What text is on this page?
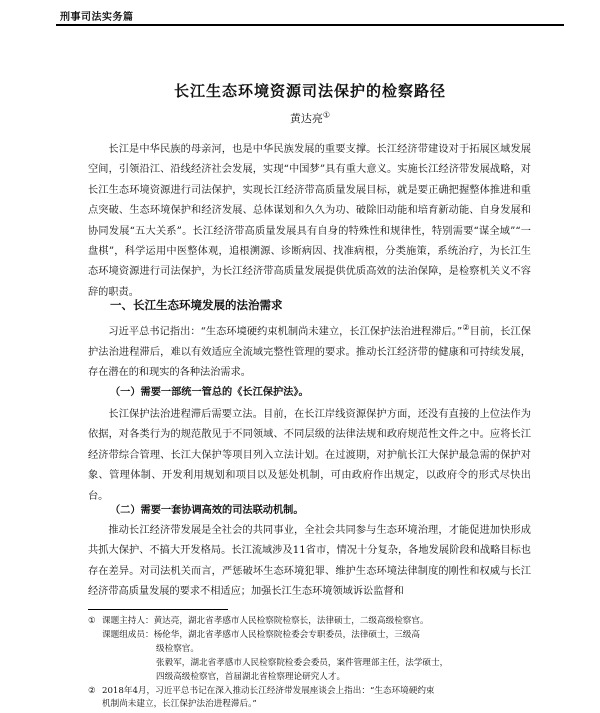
刑事司法实务篇
长江生态环境资源司法保护的检察路径
黄达亮①

长江是中华民族的母亲河，也是中华民族发展的重要支撑。长江经济带建设对于拓展区域发展空间，引领沿江、沿线经济社会发展，实现“中国梦”具有重大意义。实施长江经济带发展战略，对长江生态环境资源进行司法保护，实现长江经济带高质量发展目标，就是要正确把握整体推进和重点突破、生态环境保护和经济发展、总体谋划和久久为功、破除旧动能和培育新动能、自身发展和协同发展“五大关系”。长江经济带高质量发展具有自身的特殊性和规律性，特别需要“谋全域”“一盘棋”，科学运用中医整体观，追根溯源、诊断病因、找准病根，分类施策，系统治疗，为长江生态环境资源进行司法保护，为长江经济带高质量发展提供优质高效的法治保障，是检察机关义不容辞的职责。

一、长江生态环境发展的法治需求

习近平总书记指出：“生态环境硬约束机制尚未建立，长江保护法治进程滞后。”②目前，长江保护法治进程滞后，难以有效适应全流域完整性管理的要求。推动长江经济带的健康和可持续发展，存在潜在的和现实的各种法治需求。

（一）需要一部统一管总的《长江保护法》。

长江保护法治进程滞后需要立法。目前，在长江岸线资源保护方面，还没有直接的上位法作为依据，对各类行为的规范散见于不同领域、不同层级的法律法规和政府规范性文件之中。应将长江经济带综合管理、长江大保护等项目列入立法计划。在过渡期，对护航长江大保护最急需的保护对象、管理体制、开发利用规划和项目以及惩处机制，可由政府作出规定，以政府令的形式尽快出台。

（二）需要一套协调高效的司法联动机制。

推动长江经济带发展是全社会的共同事业，全社会共同参与生态环境治理，才能促进加快形成共抓大保护、不搞大开发格局。长江流域涉及11省市，情况十分复杂，各地发展阶段和战略目标也存在差异。对司法机关而言，严惩破坏生态环境犯罪、维护生态环境法律制度的刚性和权威与长江经济带高质量发展的要求不相适应；加强长江生态环境领域诉讼监督和

① 课题主持人：黄达亮，湖北省孝感市人民检察院检察长，法律硕士，二级高级检察官。

课题组成员：杨伦华，湖北省孝感市人民检察院检委会专职委员，法律硕士，三级高

级检察官。

张毅军，湖北省孝感市人民检察院检委会委员，案件管理部主任，法学硕士，

四级高级检察官，首届湖北省检察理论研究人才。

② 2018年4月，习近平总书记在深入推动长江经济带发展座谈会上指出：“生态环境硬约束

机制尚未建立，长江保护法治进程滞后。”
